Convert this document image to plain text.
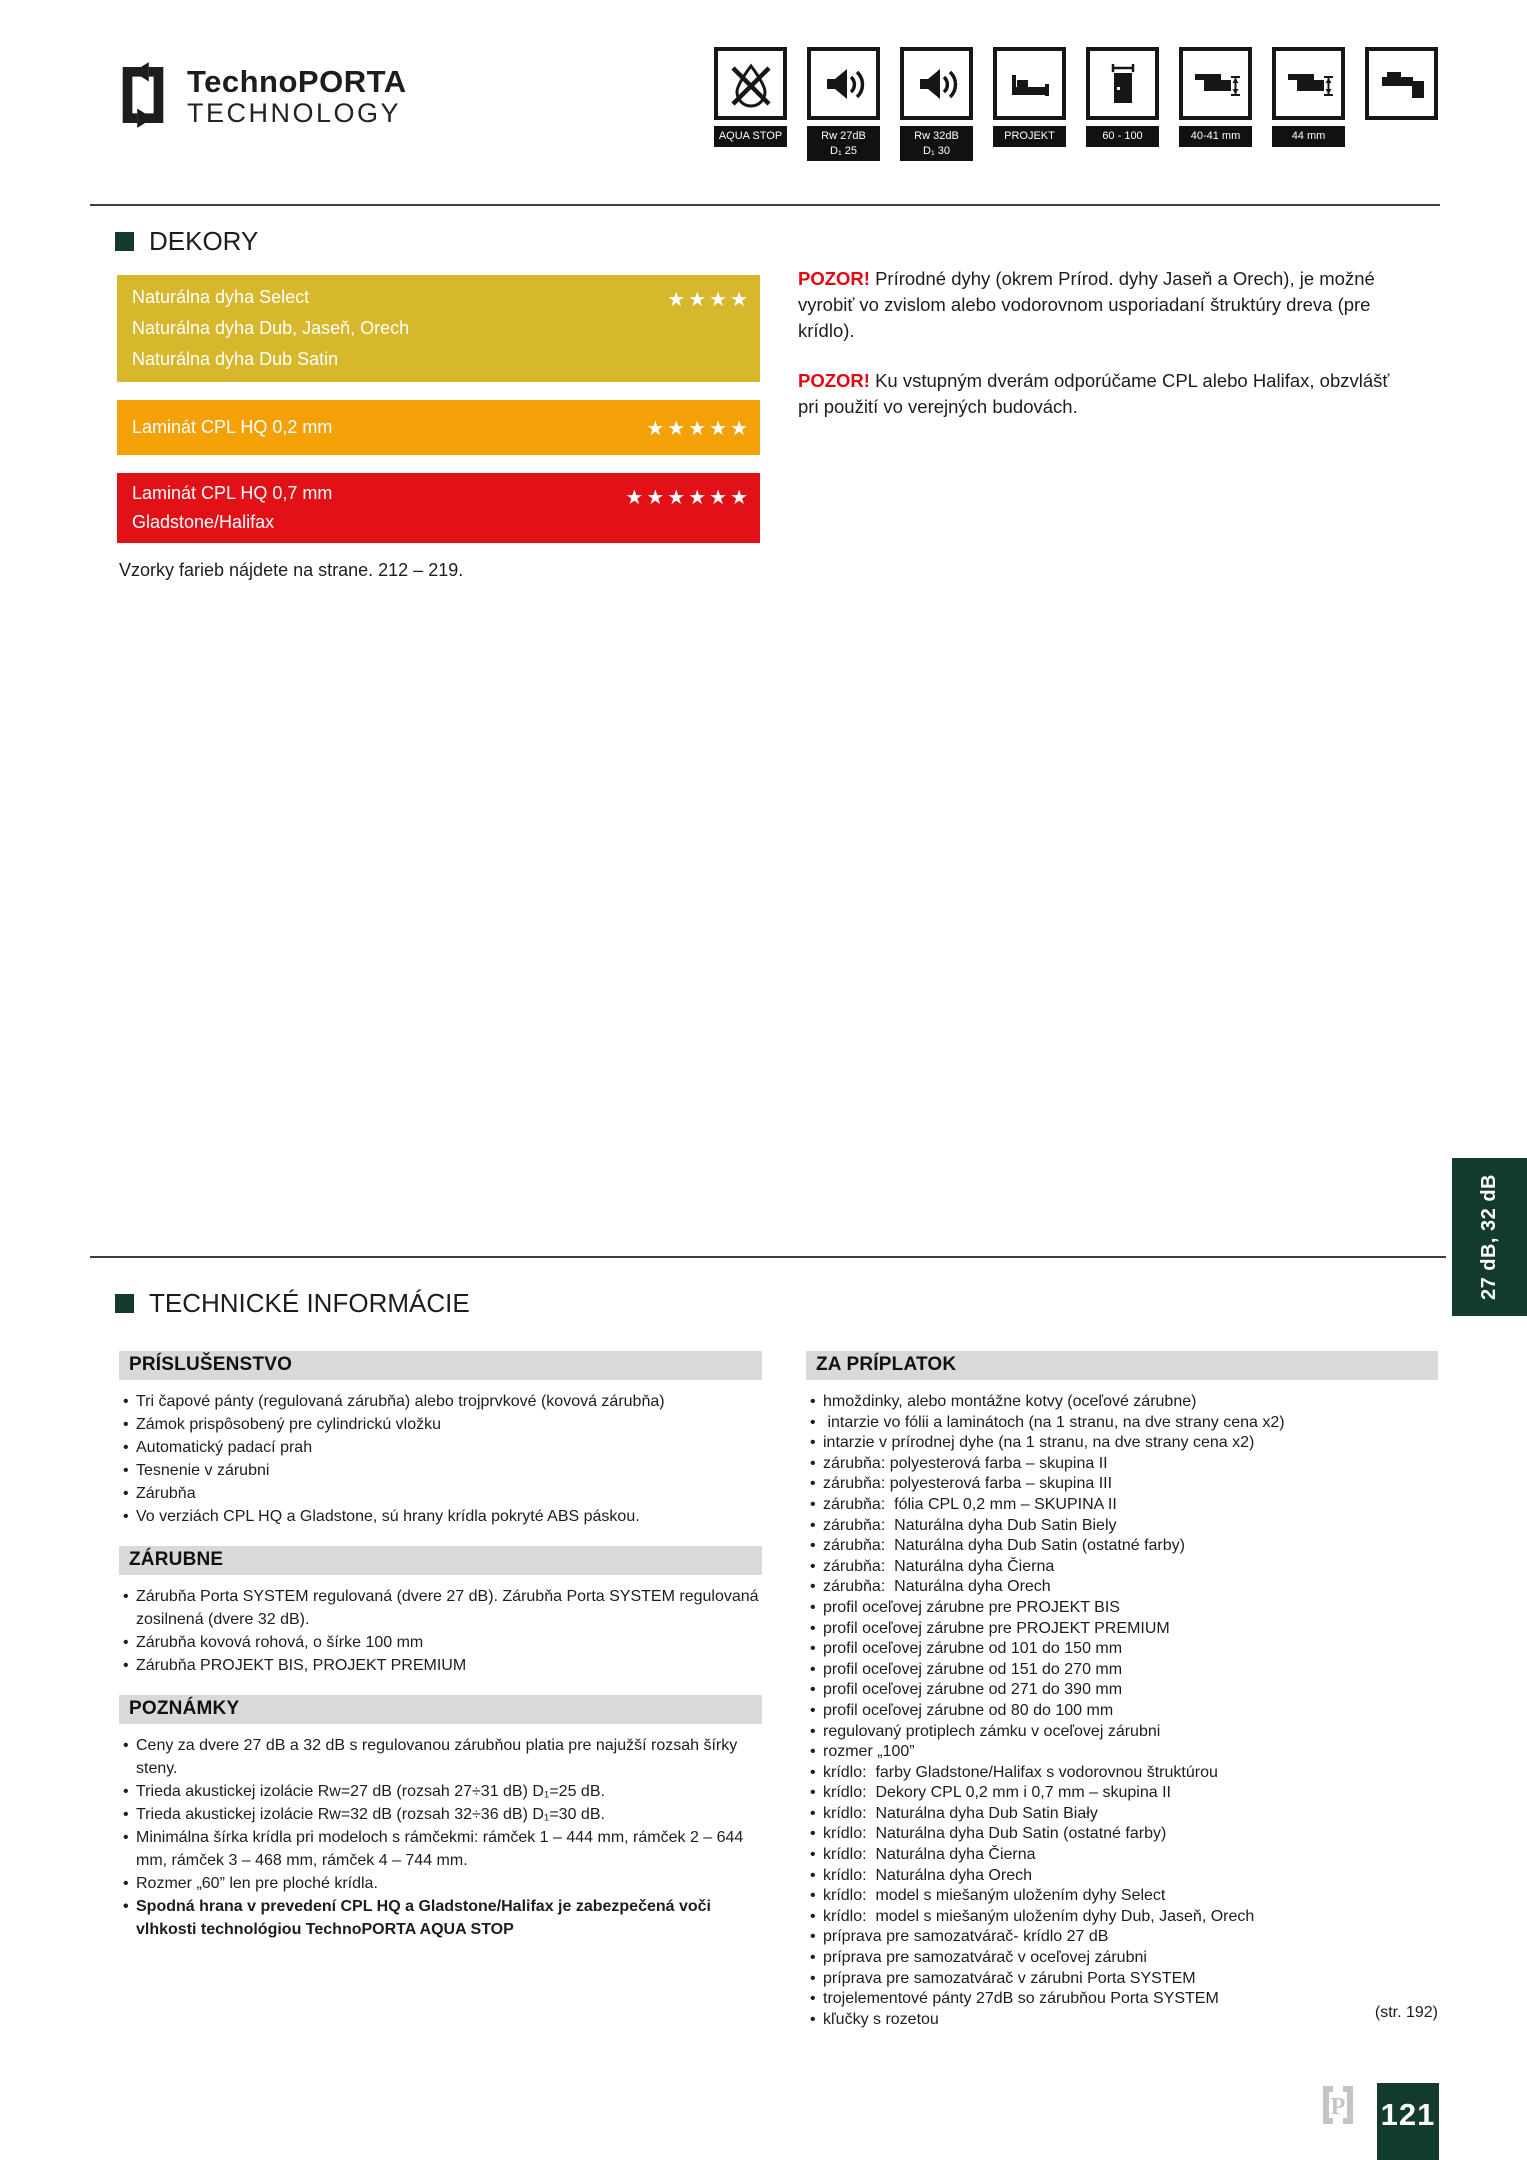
TechnoPORTA
TECHNOLOGY
AQUA STOP	Rw 27dB
D₁ 25
Rw 32dB
D₁ 30
PROJEKT	60 - 100	40-41 mm	44 mm
DEKORY
Naturálna dyha Select
Naturálna dyha Dub, Jaseň, Orech
Naturálna dyha Dub Satin
★★★★
Laminát CPL HQ 0,2 mm	★★★★★
Laminát CPL HQ 0,7 mm
Gladstone/Halifax
★★★★★★
Vzorky farieb nájdete na strane. 212 – 219.
POZOR! Prírodné dyhy (okrem Prírod. dyhy Jaseň a Orech), je možné vyrobiť vo zvislom alebo vodorovnom usporiadaní štruktúry dreva (pre krídlo).
POZOR! Ku vstupným dverám odporúčame CPL alebo Halifax, obzvlášť pri použití vo verejných budovách.
27 dB, 32 dB
TECHNICKÉ INFORMÁCIE
PRÍSLUŠENSTVO
• Tri čapové pánty (regulovaná zárubňa) alebo trojprvkové (kovová zárubňa)
• Zámok prispôsobený pre cylindrickú vložku
• Automatický padací prah
• Tesnenie v zárubni
• Zárubňa
• Vo verziách CPL HQ a Gladstone, sú hrany krídla pokryté ABS páskou.
ZÁRUBNE
• Zárubňa Porta SYSTEM regulovaná (dvere 27 dB). Zárubňa Porta SYSTEM regulovaná zosilnená (dvere 32 dB).
• Zárubňa kovová rohová, o šírke 100 mm
• Zárubňa PROJEKT BIS, PROJEKT PREMIUM
POZNÁMKY
• Ceny za dvere 27 dB a 32 dB s regulovanou zárubňou platia pre najužší rozsah šírky steny.
• Trieda akustickej izolácie Rw=27 dB (rozsah 27÷31 dB) D₁=25 dB.
• Trieda akustickej izolácie Rw=32 dB (rozsah 32÷36 dB) D₁=30 dB.
• Minimálna šírka krídla pri modeloch s rámčekmi: rámček 1 – 444 mm, rámček 2 – 644 mm, rámček 3 – 468 mm, rámček 4 – 744 mm.
• Rozmer „60” len pre ploché krídla.
• Spodná hrana v prevedení CPL HQ a Gladstone/Halifax je zabezpečená voči vlhkosti technológiou TechnoPORTA AQUA STOP
ZA PRÍPLATOK
• hmoždinky, alebo montážne kotvy (oceľové zárubne)
•  intarzie vo fólii a laminátoch (na 1 stranu, na dve strany cena x2)
• intarzie v prírodnej dyhe (na 1 stranu, na dve strany cena x2)
• zárubňa: polyesterová farba – skupina II
• zárubňa: polyesterová farba – skupina III
• zárubňa:  fólia CPL 0,2 mm – SKUPINA II
• zárubňa:  Naturálna dyha Dub Satin Biely
• zárubňa:  Naturálna dyha Dub Satin (ostatné farby)
• zárubňa:  Naturálna dyha Čierna
• zárubňa:  Naturálna dyha Orech
• profil oceľovej zárubne pre PROJEKT BIS
• profil oceľovej zárubne pre PROJEKT PREMIUM
• profil oceľovej zárubne od 101 do 150 mm
• profil oceľovej zárubne od 151 do 270 mm
• profil oceľovej zárubne od 271 do 390 mm
• profil oceľovej zárubne od 80 do 100 mm
• regulovaný protiplech zámku v oceľovej zárubni
• rozmer „100”
• krídlo:  farby Gladstone/Halifax s vodorovnou štruktúrou
• krídlo:  Dekory CPL 0,2 mm i 0,7 mm – skupina II
• krídlo:  Naturálna dyha Dub Satin Biały
• krídlo:  Naturálna dyha Dub Satin (ostatné farby)
• krídlo:  Naturálna dyha Čierna
• krídlo:  Naturálna dyha Orech
• krídlo:  model s miešaným uložením dyhy Select
• krídlo:  model s miešaným uložením dyhy Dub, Jaseň, Orech
• príprava pre samozatvárač- krídlo 27 dB
• príprava pre samozatvárač v oceľovej zárubni
• príprava pre samozatvárač v zárubni Porta SYSTEM
• trojelementové pánty 27dB so zárubňou Porta SYSTEM
• kľučky s rozetou	(str. 192)
P 121
